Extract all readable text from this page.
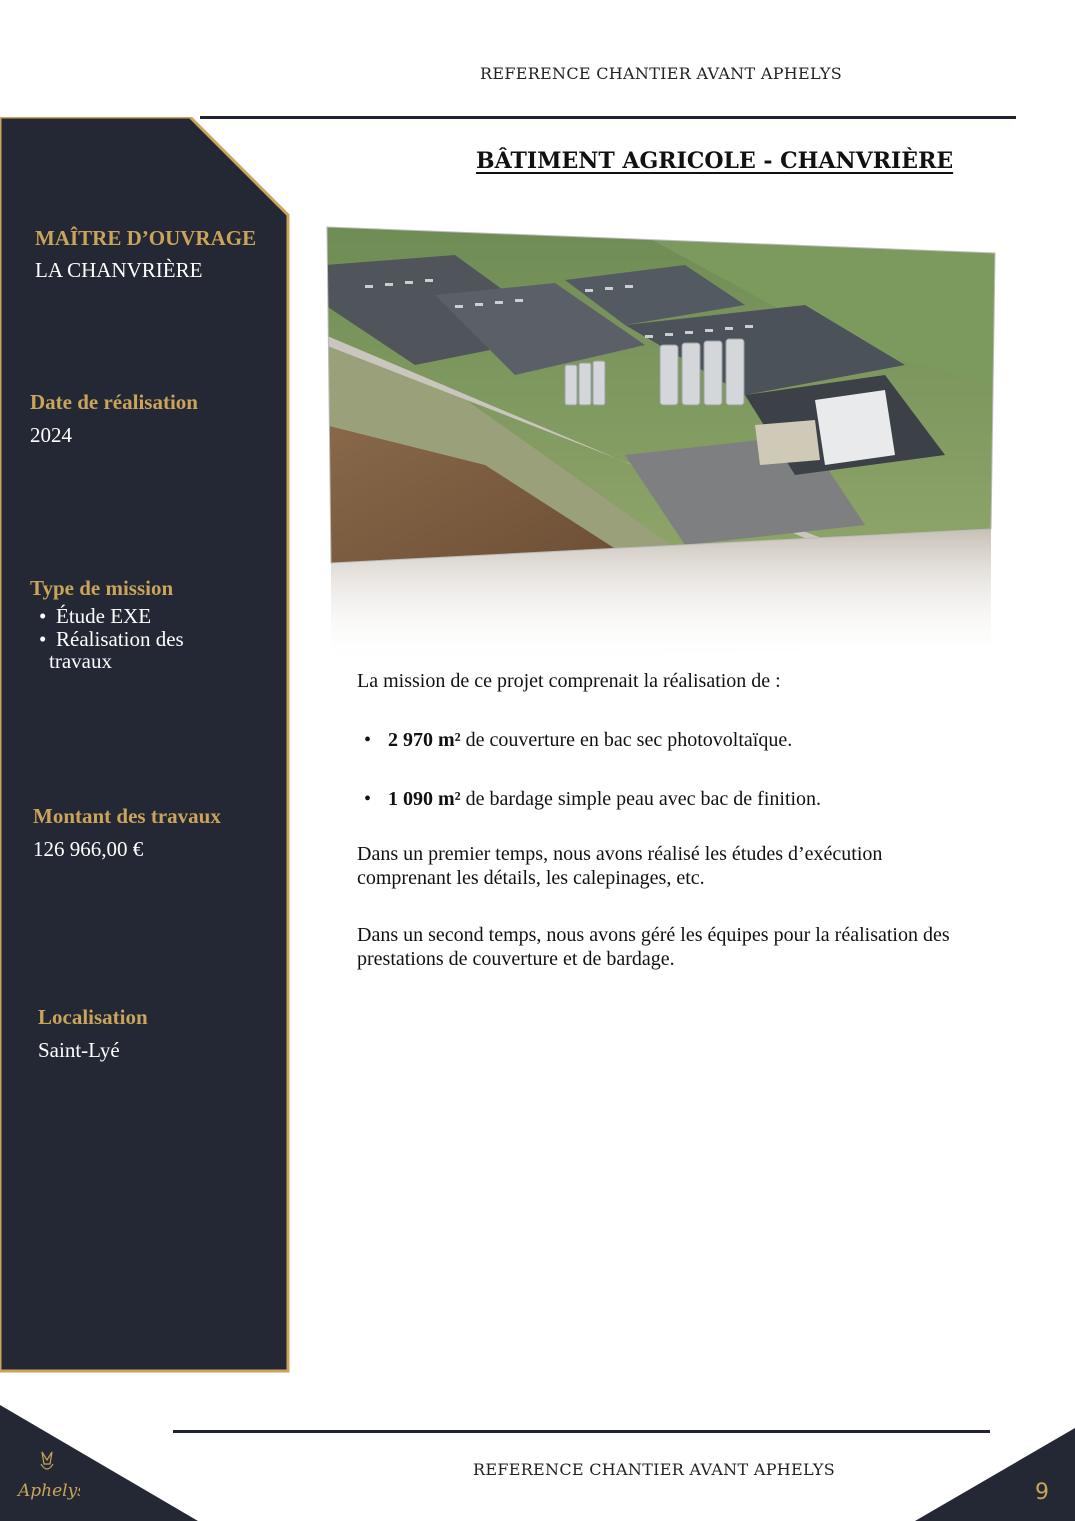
REFERENCE CHANTIER AVANT APHELYS
MAÎTRE D’OUVRAGE
LA CHANVRIÈRE
Date de réalisation
2024
Type de mission
• Étude EXE
• Réalisation des
travaux
Montant des travaux
126 966,00 €
Localisation
Saint-Lyé
BÂTIMENT AGRICOLE - CHANVRIÈRE
La mission de ce projet comprenait la réalisation de :
• 2 970 m² de couverture en bac sec photovoltaïque.
• 1 090 m² de bardage simple peau avec bac de finition.
Dans un premier temps, nous avons réalisé les études d’exécution
comprenant les détails, les calepinages, etc.
Dans un second temps, nous avons géré les équipes pour la réalisation des
prestations de couverture et de bardage.
REFERENCE CHANTIER AVANT APHELYS
Aphelys	9
